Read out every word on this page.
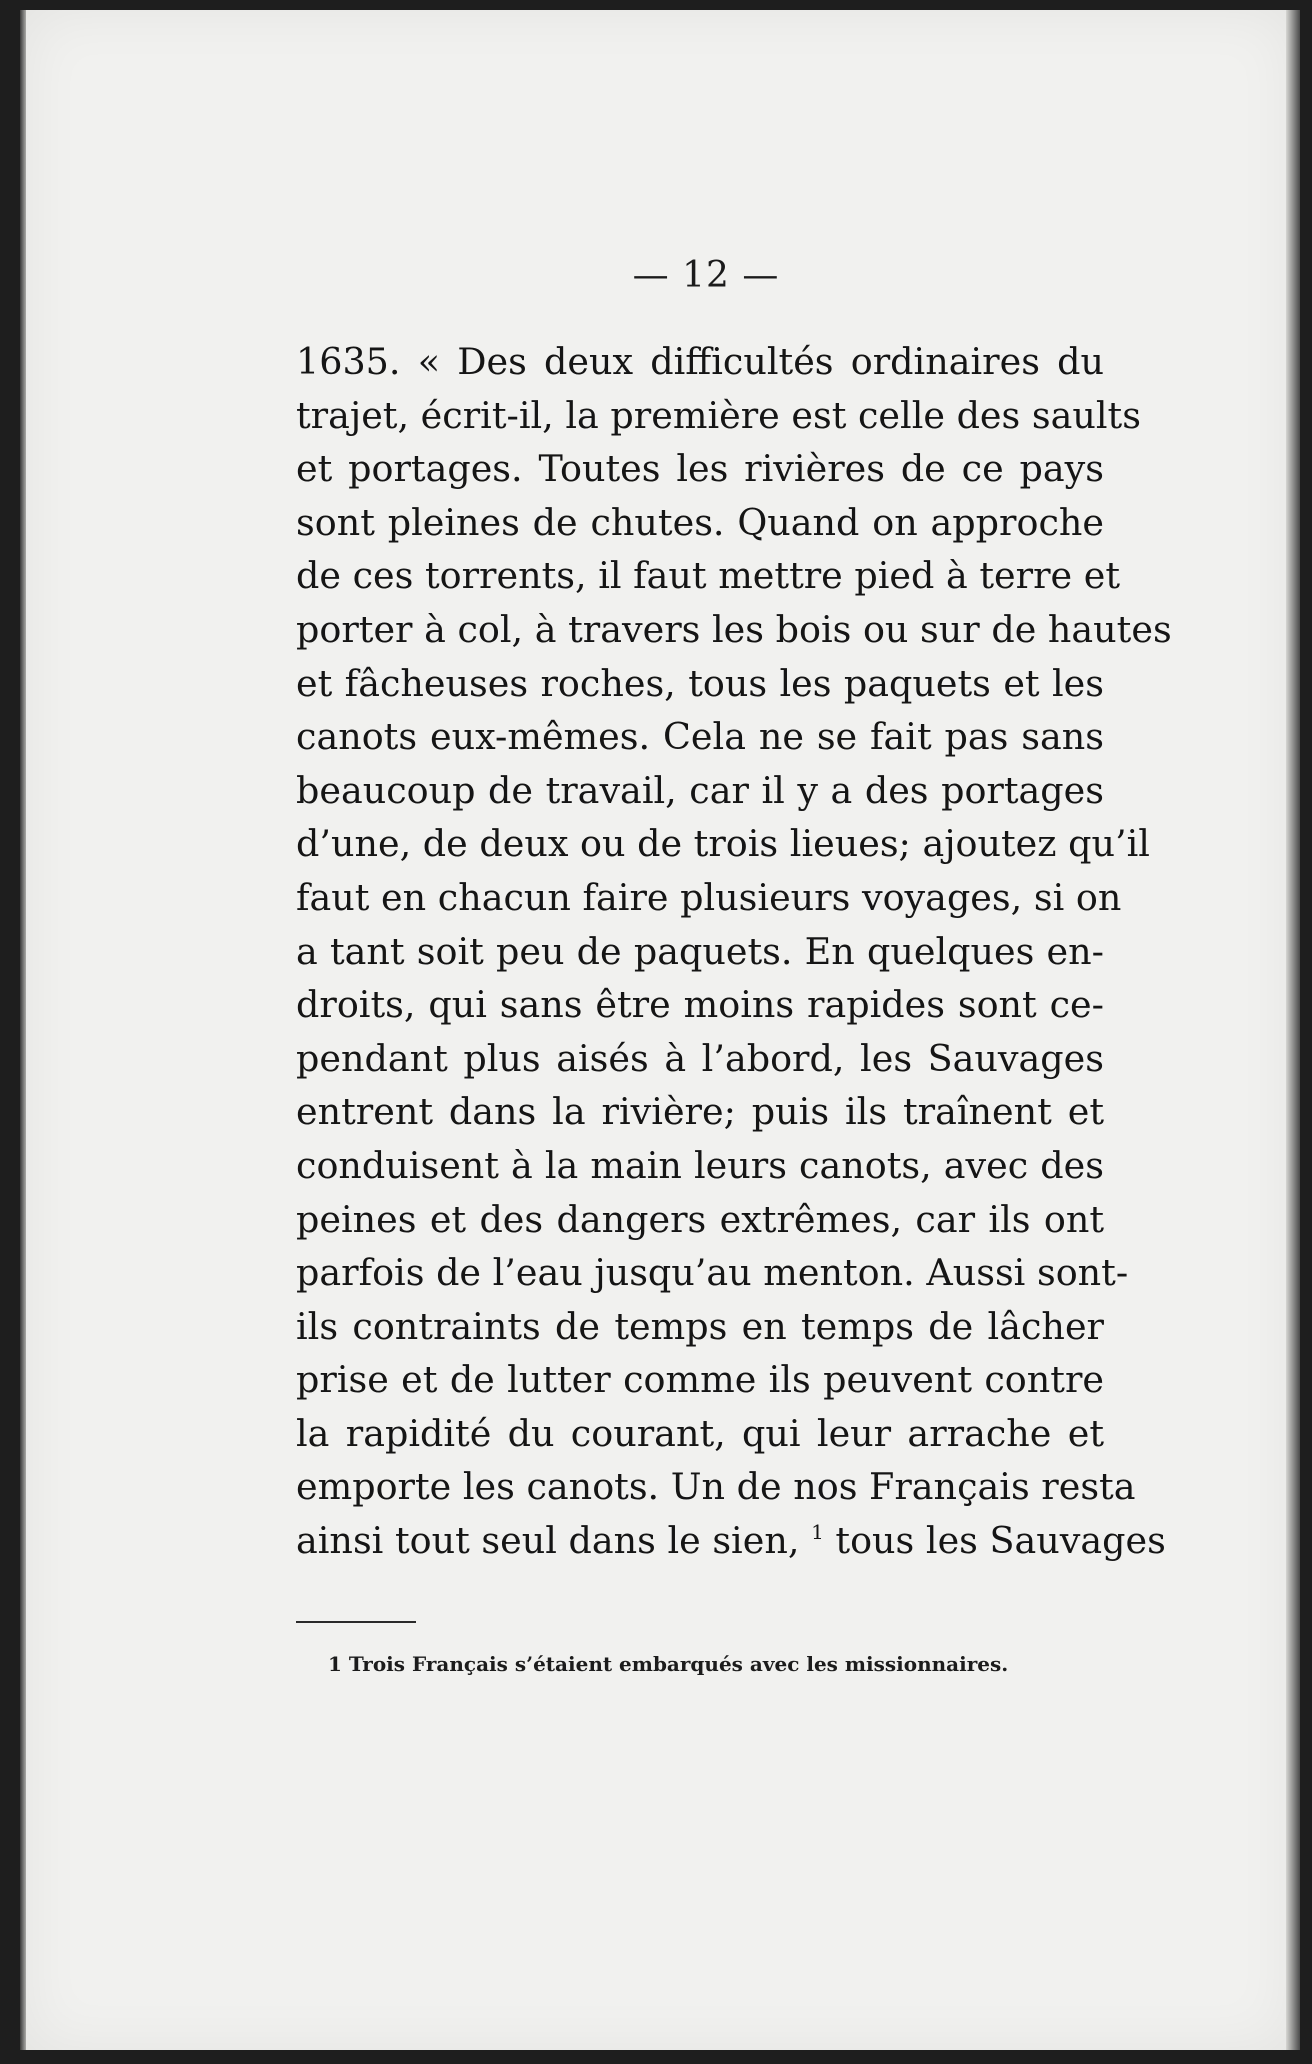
— 12 —
1635. « Des deux difficultés ordinaires du
trajet, écrit-il, la première est celle des saults
et portages. Toutes les rivières de ce pays
sont pleines de chutes. Quand on approche
de ces torrents, il faut mettre pied à terre et
porter à col, à travers les bois ou sur de hautes
et fâcheuses roches, tous les paquets et les
canots eux-mêmes. Cela ne se fait pas sans
beaucoup de travail, car il y a des portages
d’une, de deux ou de trois lieues; ajoutez qu’il
faut en chacun faire plusieurs voyages, si on
a tant soit peu de paquets. En quelques en-
droits, qui sans être moins rapides sont ce-
pendant plus aisés à l’abord, les Sauvages
entrent dans la rivière; puis ils traînent et
conduisent à la main leurs canots, avec des
peines et des dangers extrêmes, car ils ont
parfois de l’eau jusqu’au menton. Aussi sont-
ils contraints de temps en temps de lâcher
prise et de lutter comme ils peuvent contre
la rapidité du courant, qui leur arrache et
emporte les canots. Un de nos Français resta
ainsi tout seul dans le sien, $^1$ tous les Sauvages
1 Trois Français s’étaient embarqués avec les missionnaires.
